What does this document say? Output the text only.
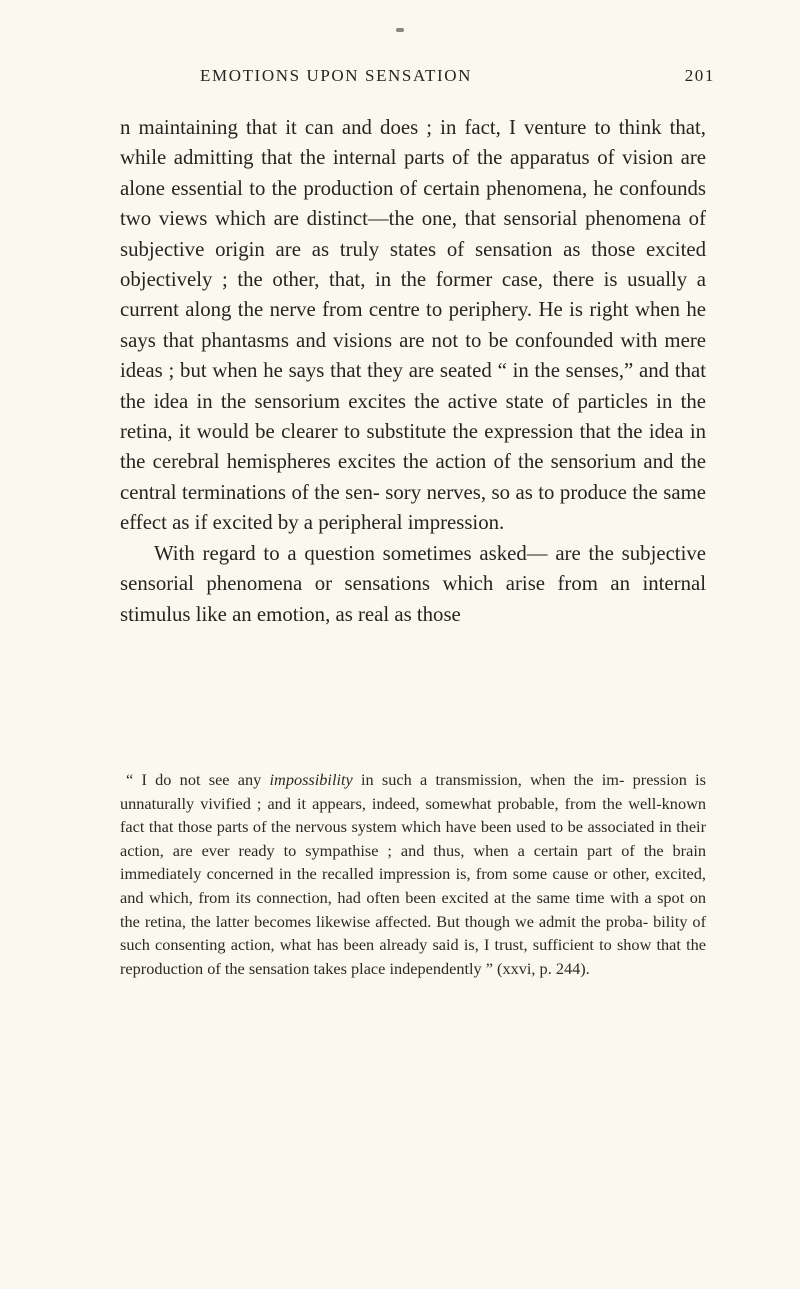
EMOTIONS UPON SENSATION	201

n maintaining that it can and does ; in fact, I venture to think that, while admitting that the internal parts of the apparatus of vision are alone essential to the production of certain phenomena, he confounds two views which are distinct—the one, that sensorial phenomena of subjective origin are as truly states of sensation as those excited objectively ; the other, that, in the former case, there is usually a current along the nerve from centre to periphery. He is right when he says that phantasms and visions are not to be confounded with mere ideas ; but when he says that they are seated “ in the senses,” and that the idea in the sensorium excites the active state of particles in the retina, it would be clearer to substitute the expression that the idea in the cerebral hemispheres excites the action of the sensorium and the central terminations of the sen- sory nerves, so as to produce the same effect as if excited by a peripheral impression.

With regard to a question sometimes asked— are the subjective sensorial phenomena or sensations which arise from an internal stimulus like an emotion, as real as those

“ I do not see any impossibility in such a transmission, when the im- pression is unnaturally vivified ; and it appears, indeed, somewhat probable, from the well-known fact that those parts of the nervous system which have been used to be associated in their action, are ever ready to sympathise ; and thus, when a certain part of the brain immediately concerned in the recalled impression is, from some cause or other, excited, and which, from its connection, had often been excited at the same time with a spot on the retina, the latter becomes likewise affected. But though we admit the proba- bility of such consenting action, what has been already said is, I trust, sufficient to show that the reproduction of the sensation takes place independently ” (xxvi, p. 244).
